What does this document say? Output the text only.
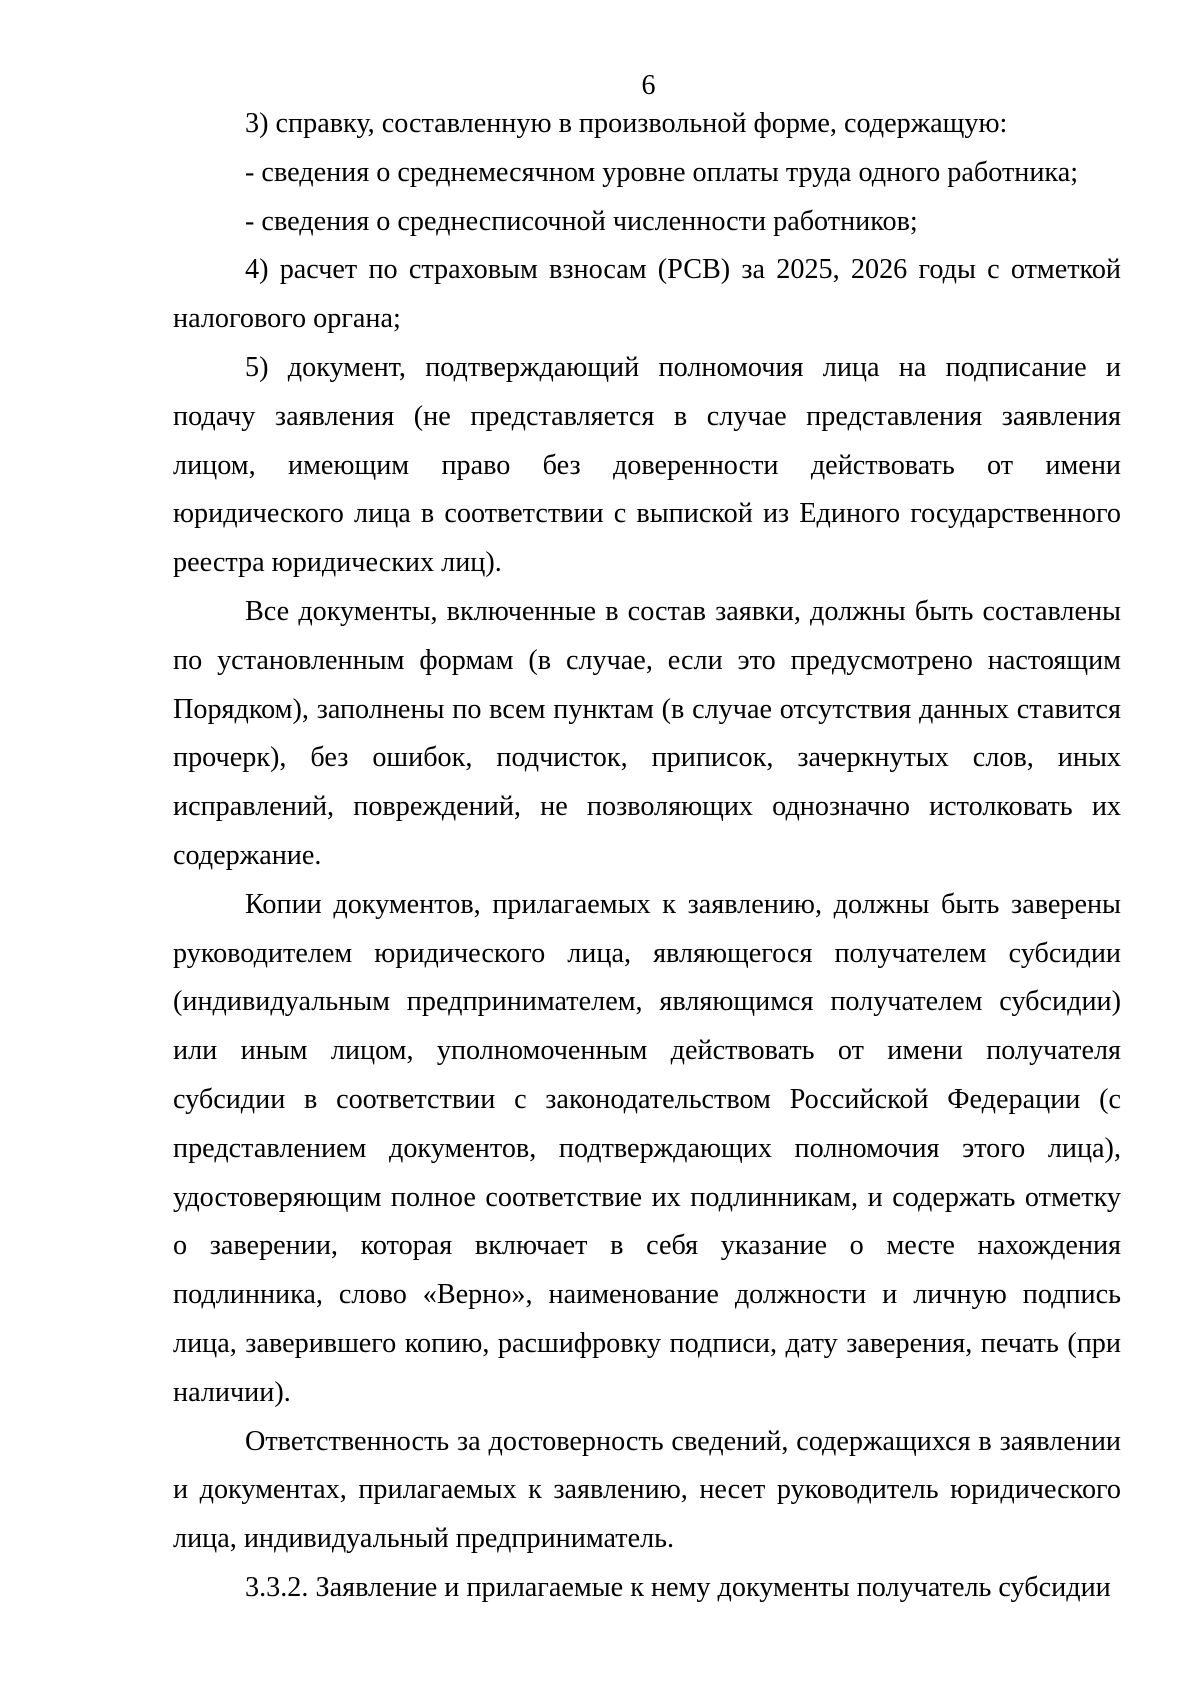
6

3) справку, составленную в произвольной форме, содержащую:

- сведения о среднемесячном уровне оплаты труда одного работника;

- сведения о среднесписочной численности работников;

4) расчет по страховым взносам (РСВ) за 2025, 2026 годы с отметкой налогового органа;

5) документ, подтверждающий полномочия лица на подписание и подачу заявления (не представляется в случае представления заявления лицом, имеющим право без доверенности действовать от имени юридического лица в соответствии с выпиской из Единого государственного реестра юридических лиц).

Все документы, включенные в состав заявки, должны быть составлены по установленным формам (в случае, если это предусмотрено настоящим Порядком), заполнены по всем пунктам (в случае отсутствия данных ставится прочерк), без ошибок, подчисток, приписок, зачеркнутых слов, иных исправлений, повреждений, не позволяющих однозначно истолковать их содержание.

Копии документов, прилагаемых к заявлению, должны быть заверены руководителем юридического лица, являющегося получателем субсидии (индивидуальным предпринимателем, являющимся получателем субсидии) или иным лицом, уполномоченным действовать от имени получателя субсидии в соответствии с законодательством Российской Федерации (с представлением документов, подтверждающих полномочия этого лица), удостоверяющим полное соответствие их подлинникам, и содержать отметку о заверении, которая включает в себя указание о месте нахождения подлинника, слово «Верно», наименование должности и личную подпись лица, заверившего копию, расшифровку подписи, дату заверения, печать (при наличии).

Ответственность за достоверность сведений, содержащихся в заявлении и документах, прилагаемых к заявлению, несет руководитель юридического лица, индивидуальный предприниматель.

3.3.2. Заявление и прилагаемые к нему документы получатель субсидии
